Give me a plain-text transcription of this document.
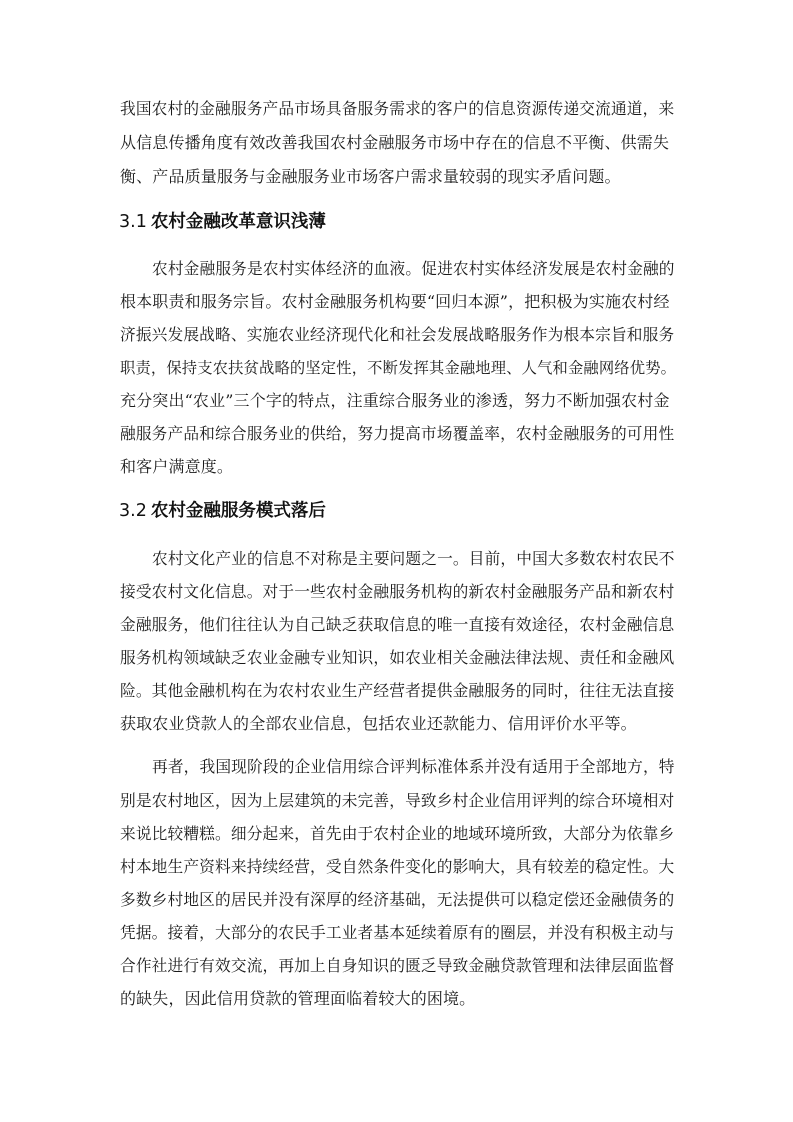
我国农村的金融服务产品市场具备服务需求的客户的信息资源传递交流通道，来
从信息传播角度有效改善我国农村金融服务市场中存在的信息不平衡、供需失
衡、产品质量服务与金融服务业市场客户需求量较弱的现实矛盾问题。
3.1 农村金融改革意识浅薄
农村金融服务是农村实体经济的血液。促进农村实体经济发展是农村金融的
根本职责和服务宗旨。农村金融服务机构要“回归本源”，把积极为实施农村经
济振兴发展战略、实施农业经济现代化和社会发展战略服务作为根本宗旨和服务
职责，保持支农扶贫战略的坚定性，不断发挥其金融地理、人气和金融网络优势。
充分突出“农业”三个字的特点，注重综合服务业的渗透，努力不断加强农村金
融服务产品和综合服务业的供给，努力提高市场覆盖率，农村金融服务的可用性
和客户满意度。
3.2 农村金融服务模式落后
农村文化产业的信息不对称是主要问题之一。目前，中国大多数农村农民不
接受农村文化信息。对于一些农村金融服务机构的新农村金融服务产品和新农村
金融服务，他们往往认为自己缺乏获取信息的唯一直接有效途径，农村金融信息
服务机构领域缺乏农业金融专业知识，如农业相关金融法律法规、责任和金融风
险。其他金融机构在为农村农业生产经营者提供金融服务的同时，往往无法直接
获取农业贷款人的全部农业信息，包括农业还款能力、信用评价水平等。
再者，我国现阶段的企业信用综合评判标准体系并没有适用于全部地方，特
别是农村地区，因为上层建筑的未完善，导致乡村企业信用评判的综合环境相对
来说比较糟糕。细分起来，首先由于农村企业的地域环境所致，大部分为依靠乡
村本地生产资料来持续经营，受自然条件变化的影响大，具有较差的稳定性。大
多数乡村地区的居民并没有深厚的经济基础，无法提供可以稳定偿还金融债务的
凭据。接着，大部分的农民手工业者基本延续着原有的圈层，并没有积极主动与
合作社进行有效交流，再加上自身知识的匮乏导致金融贷款管理和法律层面监督
的缺失，因此信用贷款的管理面临着较大的困境。
